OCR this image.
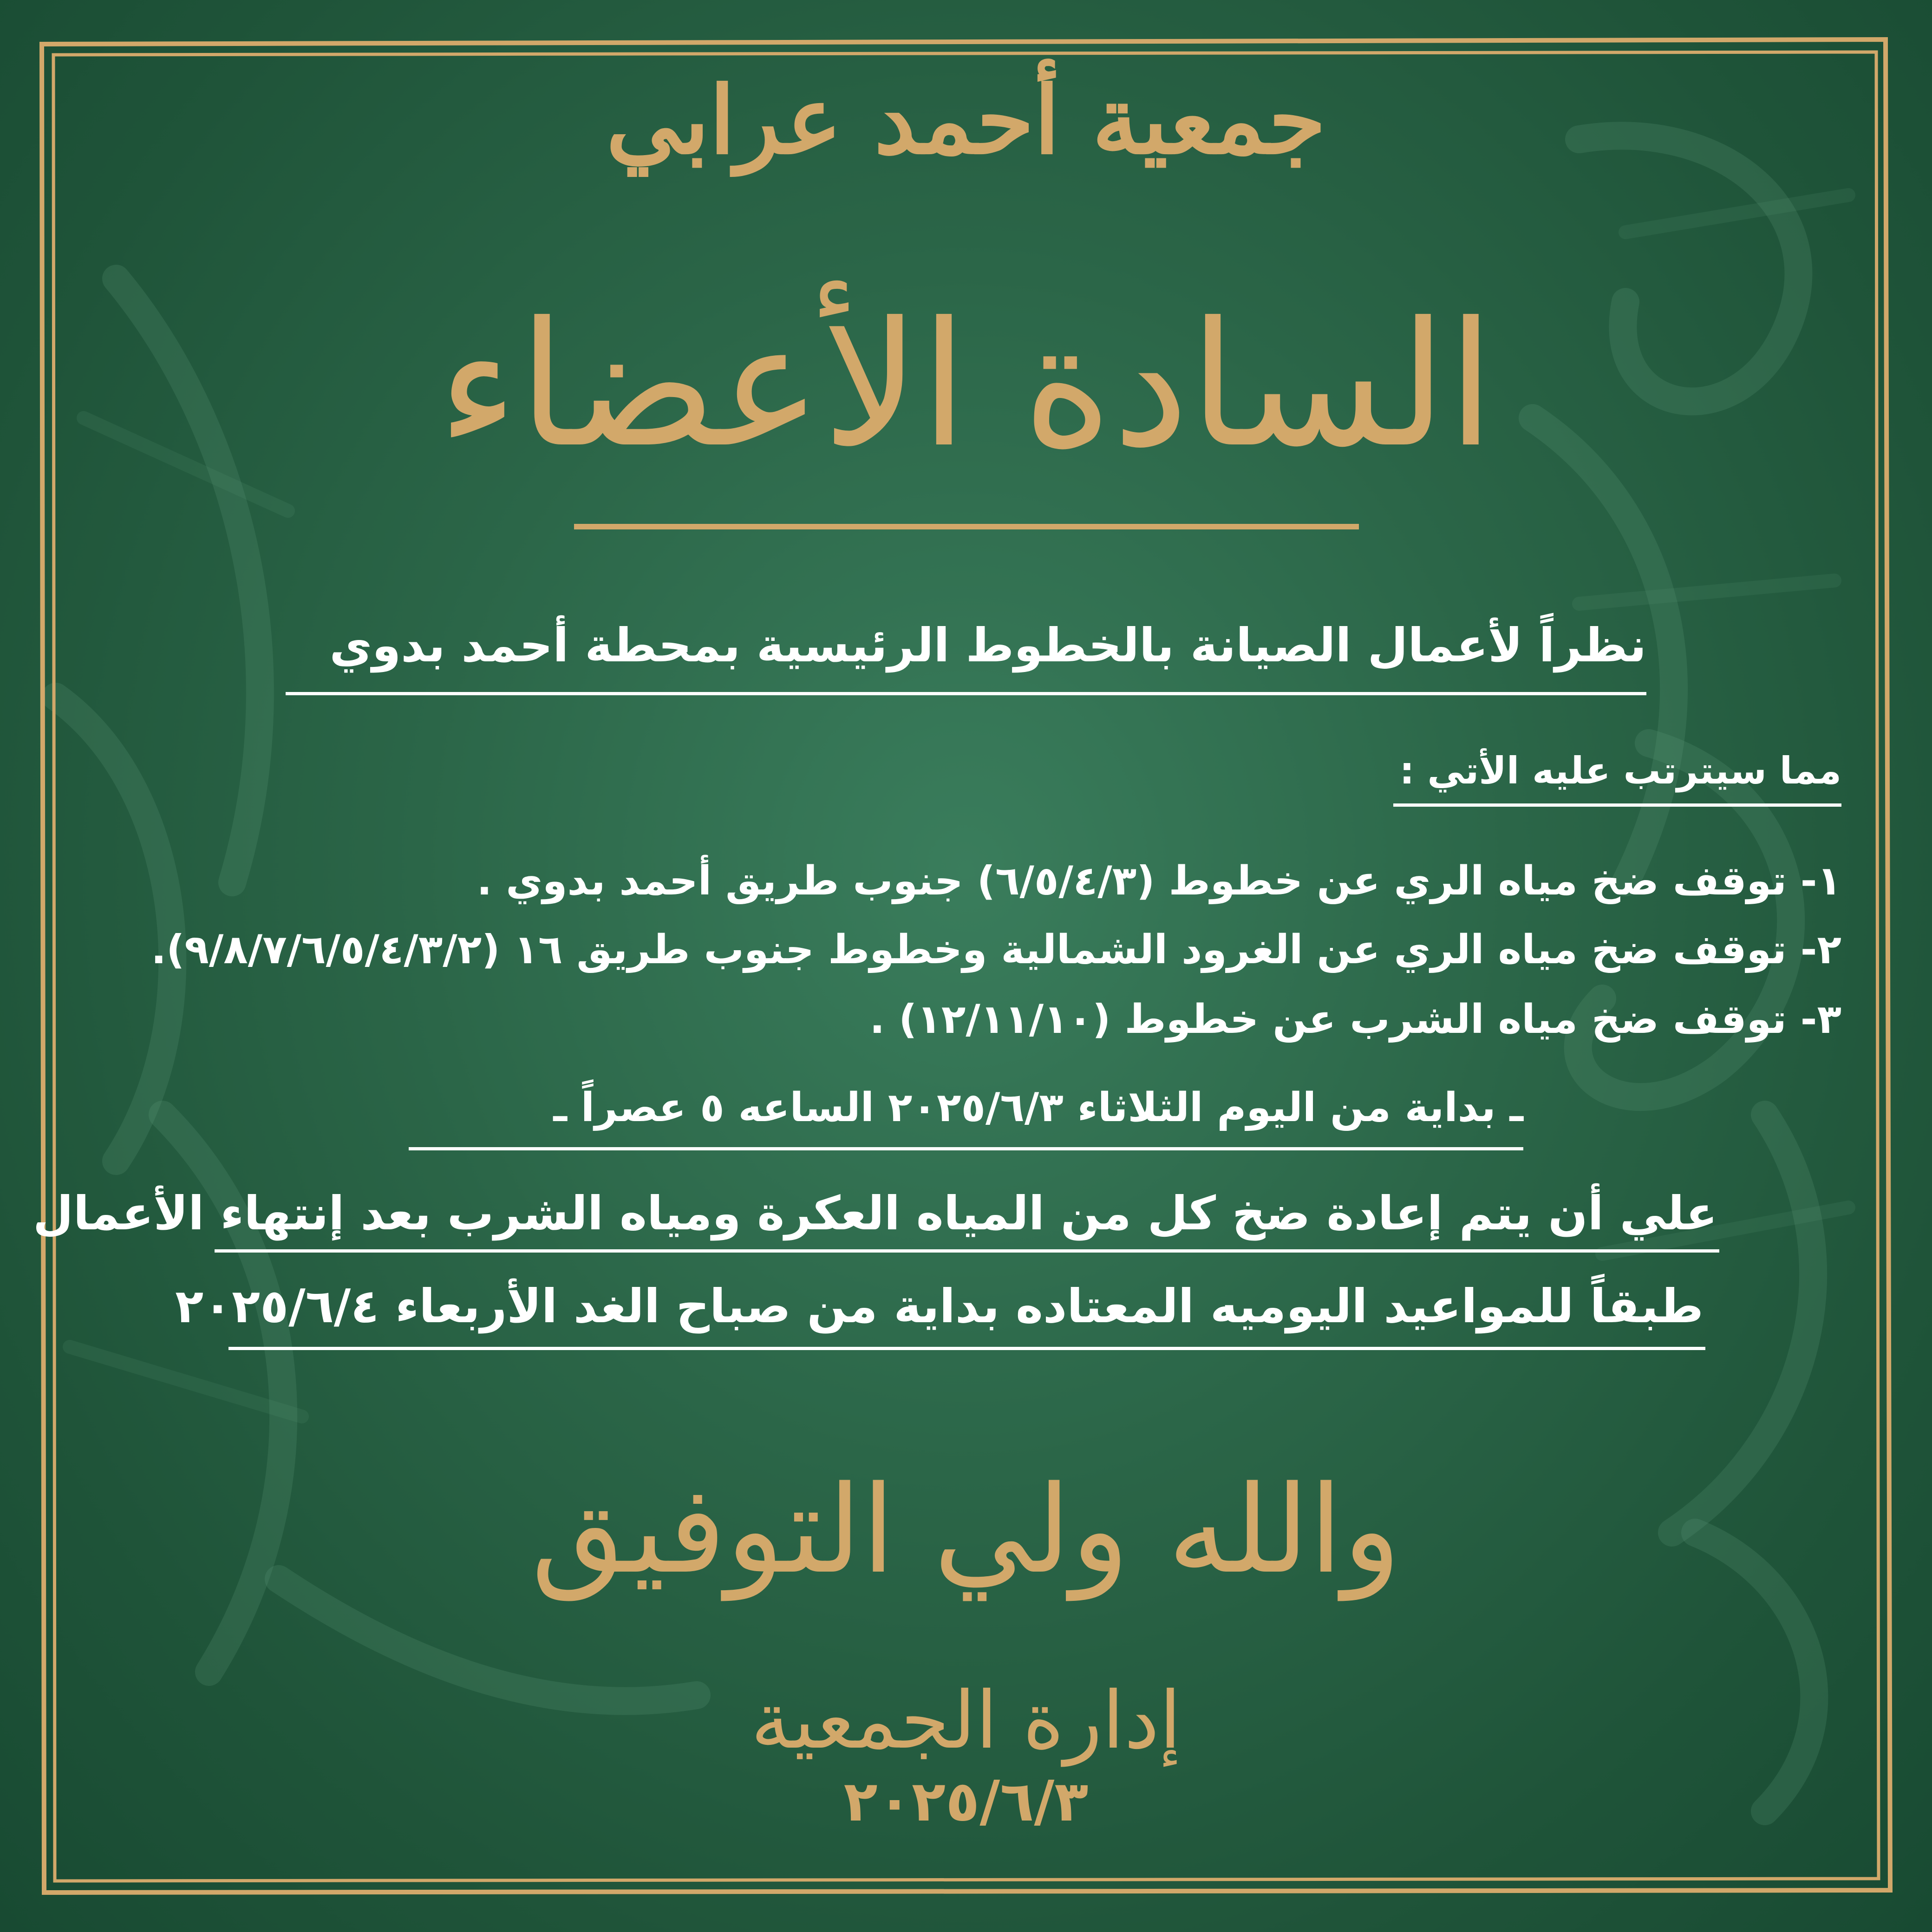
جمعية أحمد عرابي
السادة الأعضاء
نظراً لأعمال الصيانة بالخطوط الرئيسية بمحطة أحمد بدوي
مما سيترتب عليه الأتي :
١- توقف ضخ مياه الري عن خطوط (٦/٥/٤/٣) جنوب طريق أحمد بدوي .
٢- توقف ضخ مياه الري عن الغرود الشمالية وخطوط جنوب طريق ١٦ (٩/٨/٧/٦/٥/٤/٣/٢).
٣- توقف ضخ مياه الشرب عن خطوط (١٢/١١/١٠) .
ـ بداية من اليوم الثلاثاء ٢٠٢٥/٦/٣ الساعه ٥ عصراً ـ
علي أن يتم إعادة ضخ كل من المياه العكرة ومياه الشرب بعد إنتهاء الأعمال
طبقاً للمواعيد اليوميه المعتاده بداية من صباح الغد الأربعاء ٢٠٢٥/٦/٤
والله ولي التوفيق
إدارة الجمعية
٢٠٢٥/٦/٣
